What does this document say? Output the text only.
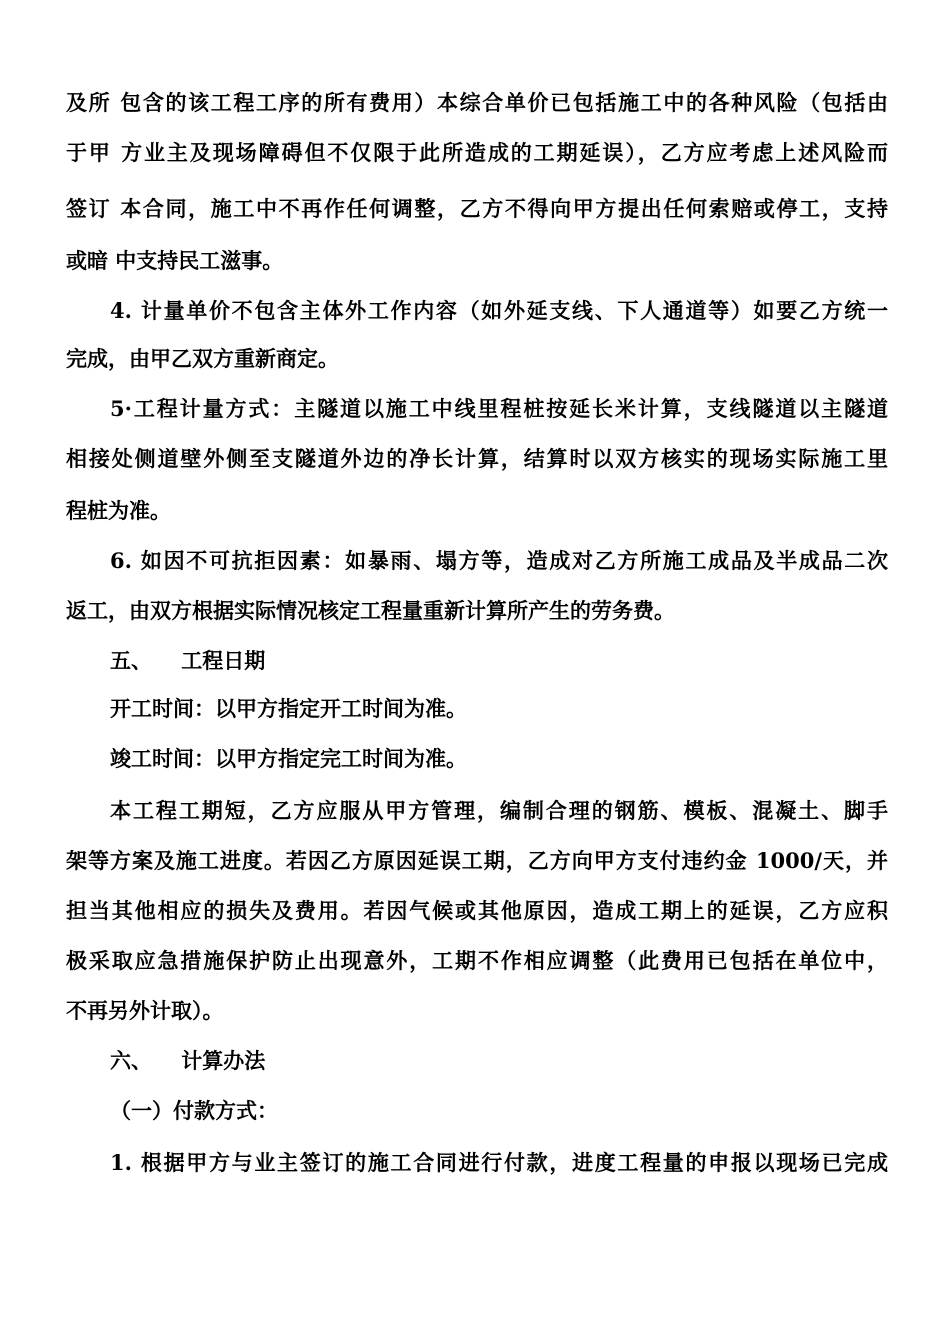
及所 包含的该工程工序的所有费用）本综合单价已包括施工中的各种风险（包括由
于甲 方业主及现场障碍但不仅限于此所造成的工期延误），乙方应考虑上述风险而
签订 本合同，施工中不再作任何调整，乙方不得向甲方提出任何索赔或停工，支持
或暗 中支持民工滋事。
4. 计量单价不包含主体外工作内容（如外延支线、下人通道等）如要乙方统一
完成，由甲乙双方重新商定。
5·工程计量方式：主隧道以施工中线里程桩按延长米计算，支线隧道以主隧道
相接处侧道壁外侧至支隧道外边的净长计算，结算时以双方核实的现场实际施工里
程桩为准。
6. 如因不可抗拒因素：如暴雨、塌方等，造成对乙方所施工成品及半成品二次
返工，由双方根据实际情况核定工程量重新计算所产生的劳务费。
五、    工程日期
开工时间：以甲方指定开工时间为准。
竣工时间：以甲方指定完工时间为准。
本工程工期短，乙方应服从甲方管理，编制合理的钢筋、模板、混凝土、脚手
架等方案及施工进度。若因乙方原因延误工期，乙方向甲方支付违约金 1000/天，并
担当其他相应的损失及费用。若因气候或其他原因，造成工期上的延误，乙方应积
极采取应急措施保护防止出现意外，工期不作相应调整（此费用已包括在单位中，
不再另外计取）。
六、    计算办法
（一）付款方式：
1. 根据甲方与业主签订的施工合同进行付款，进度工程量的申报以现场已完成
